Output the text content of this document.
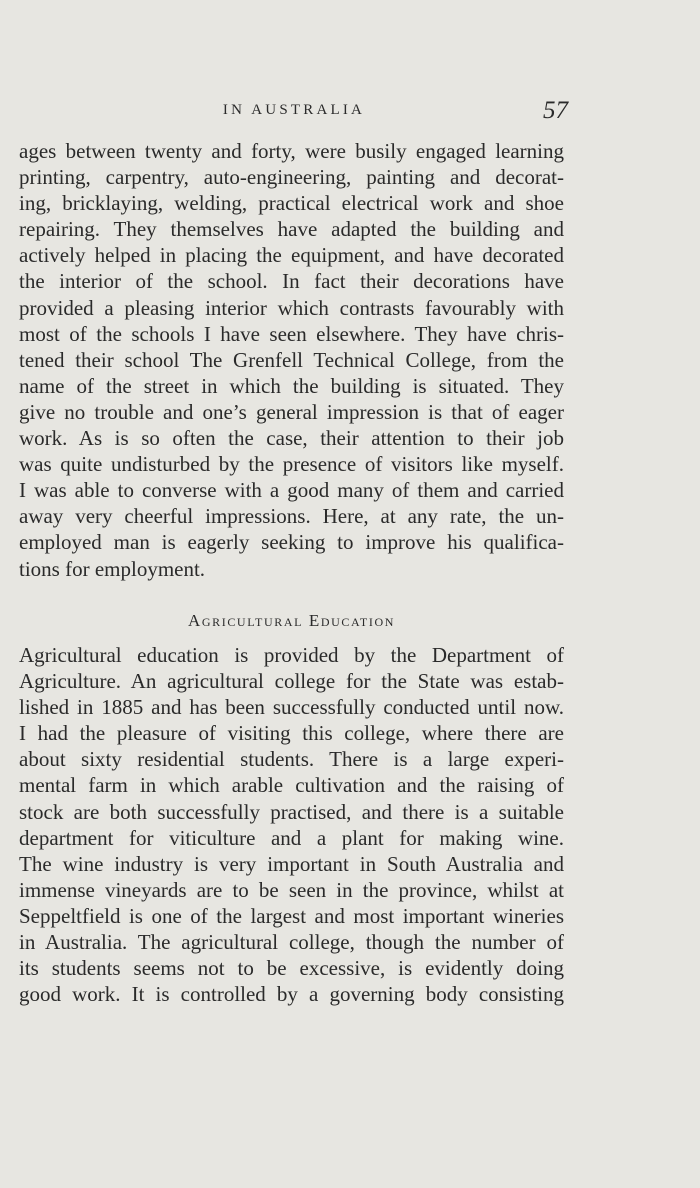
IN AUSTRALIA	57
ages between twenty and forty, were busily engaged learning
printing, carpentry, auto-engineering, painting and decorat-
ing, bricklaying, welding, practical electrical work and shoe
repairing. They themselves have adapted the building and
actively helped in placing the equipment, and have decorated
the interior of the school. In fact their decorations have
provided a pleasing interior which contrasts favourably with
most of the schools I have seen elsewhere. They have chris-
tened their school The Grenfell Technical College, from the
name of the street in which the building is situated. They
give no trouble and one’s general impression is that of eager
work. As is so often the case, their attention to their job
was quite undisturbed by the presence of visitors like myself.
I was able to converse with a good many of them and carried
away very cheerful impressions. Here, at any rate, the un-
employed man is eagerly seeking to improve his qualifica-
tions for employment.
Agricultural Education
Agricultural education is provided by the Department of
Agriculture. An agricultural college for the State was estab-
lished in 1885 and has been successfully conducted until now.
I had the pleasure of visiting this college, where there are
about sixty residential students. There is a large experi-
mental farm in which arable cultivation and the raising of
stock are both successfully practised, and there is a suitable
department for viticulture and a plant for making wine.
The wine industry is very important in South Australia and
immense vineyards are to be seen in the province, whilst at
Seppeltfield is one of the largest and most important wineries
in Australia. The agricultural college, though the number of
its students seems not to be excessive, is evidently doing
good work. It is controlled by a governing body consisting
